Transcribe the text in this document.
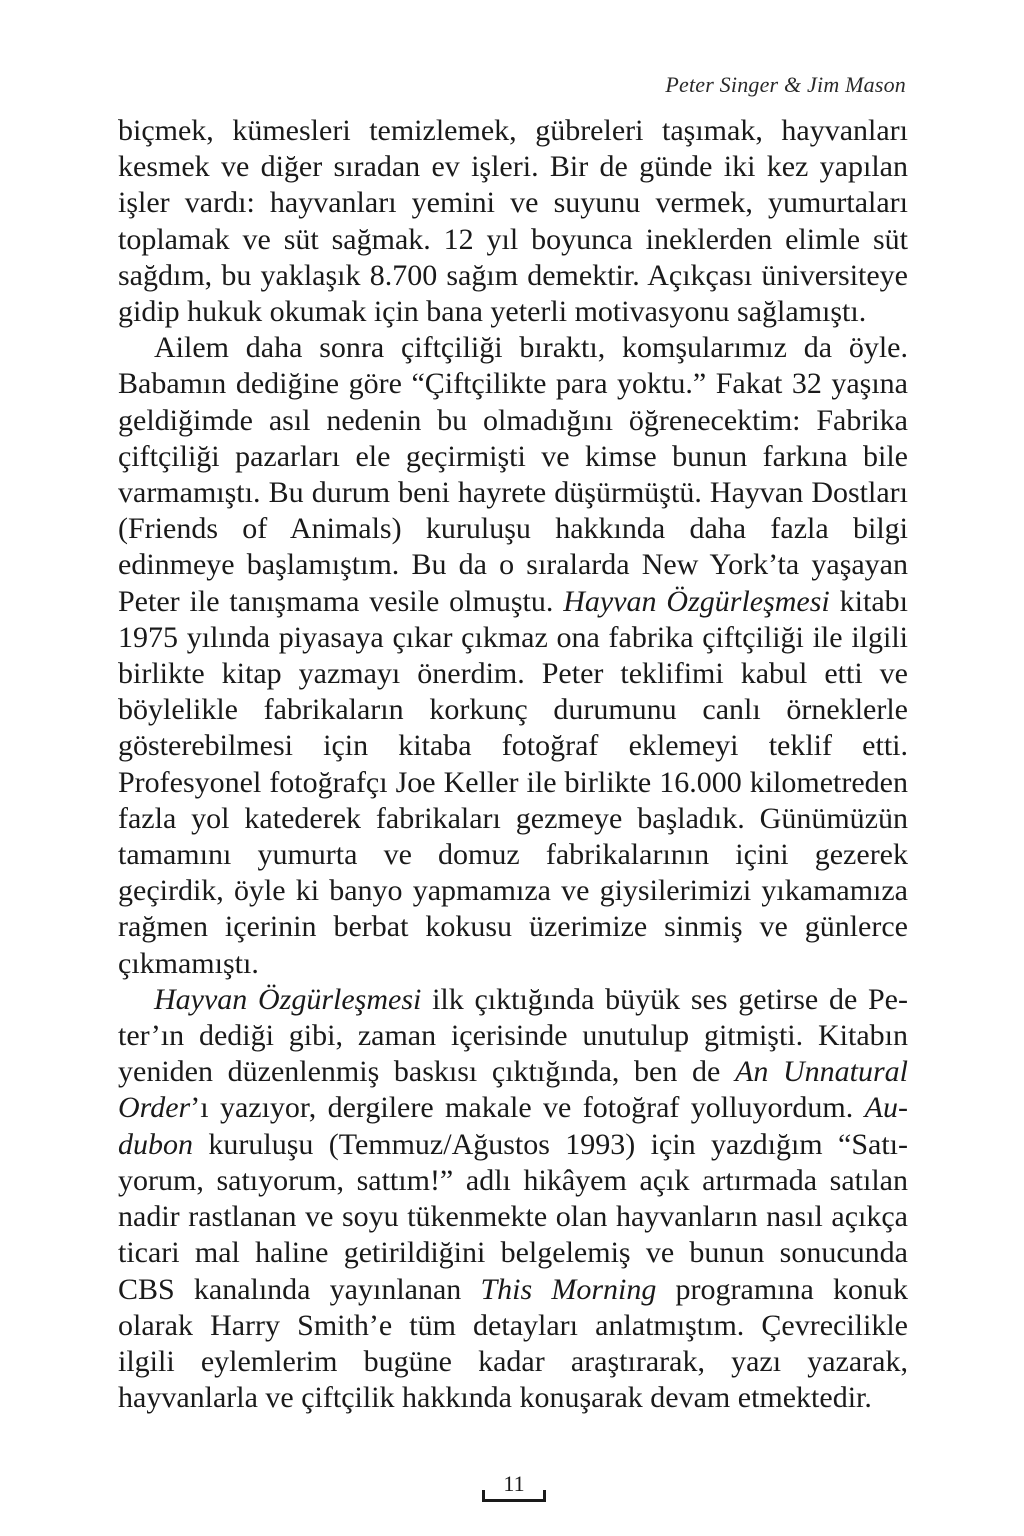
Peter Singer & Jim Mason

biçmek, kümesleri temizlemek, gübreleri taşımak, hayvanları kesmek ve diğer sıradan ev işleri. Bir de günde iki kez yapılan işler vardı: hayvanları yemini ve suyunu vermek, yumurtaları toplamak ve süt sağmak. 12 yıl boyunca ineklerden elimle süt sağdım, bu yaklaşık 8.700 sağım demektir. Açıkçası üniversiteye gidip hukuk okumak için bana yeterli motivasyonu sağlamıştı.

Ailem daha sonra çiftçiliği bıraktı, komşularımız da öyle. Babamın dediğine göre “Çiftçilikte para yoktu.” Fakat 32 yaşına geldiğimde asıl nedenin bu olmadığını öğrenecektim: Fabrika çiftçiliği pazarları ele geçirmişti ve kimse bunun farkına bile varmamıştı. Bu durum beni hayrete düşürmüştü. Hayvan Dostları (Friends of Animals) kuruluşu hakkında daha fazla bilgi edinmeye başlamıştım. Bu da o sıralarda New York’ta yaşayan Peter ile tanışmama vesile olmuştu. Hayvan Özgürleşmesi kitabı 1975 yılında piyasaya çıkar çıkmaz ona fabrika çiftçiliği ile ilgili birlikte kitap yazmayı önerdim. Peter teklifimi kabul etti ve böylelikle fabrikaların korkunç durumunu canlı örneklerle gösterebilmesi için kitaba fotoğraf eklemeyi teklif etti. Profesyonel fotoğrafçı Joe Keller ile birlikte 16.000 kilometreden fazla yol katederek fabrikaları gezmeye başladık. Günümüzün tamamını yumurta ve domuz fabrikalarının içini gezerek geçirdik, öyle ki banyo yapmamıza ve giysilerimizi yıkamamıza rağmen içerinin berbat kokusu üzerimize sinmiş ve günlerce çıkmamıştı.

Hayvan Özgürleşmesi ilk çıktığında büyük ses getirse de Peter’ın dediği gibi, zaman içerisinde unutulup gitmişti. Kitabın yeniden düzenlenmiş baskısı çıktığında, ben de An Unnatural Order’ı yazıyor, dergilere makale ve fotoğraf yolluyordum. Audubon kuruluşu (Temmuz/Ağustos 1993) için yazdığım “Satıyorum, satıyorum, sattım!” adlı hikâyem açık artırmada satılan nadir rastlanan ve soyu tükenmekte olan hayvanların nasıl açıkça ticari mal haline getirildiğini belgelemiş ve bunun sonucunda CBS kanalında yayınlanan This Morning programına konuk olarak Harry Smith’e tüm detayları anlatmıştım. Çevrecilikle ilgili eylemlerim bugüne kadar araştırarak, yazı yazarak, hayvanlarla ve çiftçilik hakkında konuşarak devam etmektedir.

11
